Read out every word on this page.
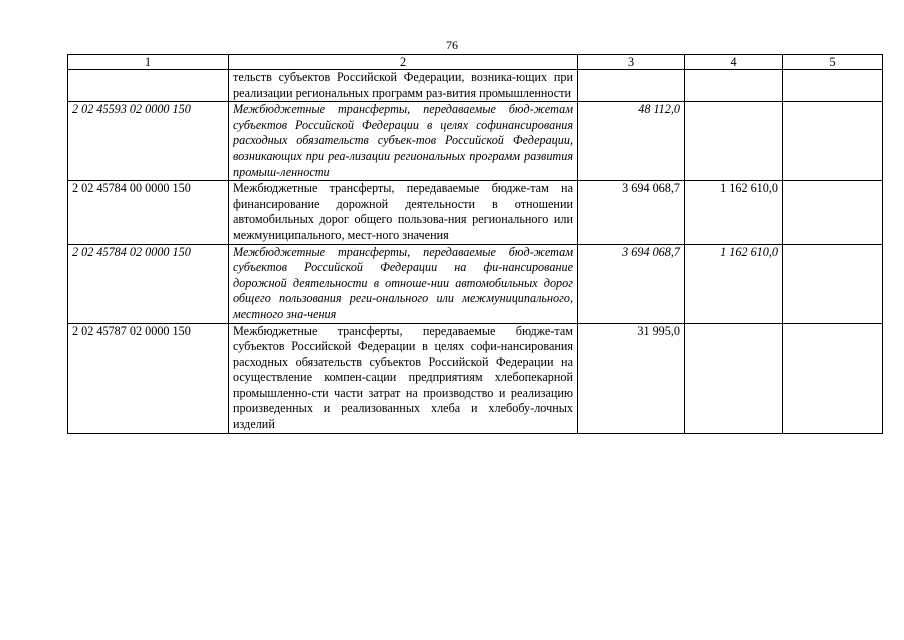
76
1	2	3	4	5
	тельств субъектов Российской Федерации, возника-ющих при реализации региональных программ раз-вития промышленности			
2 02 45593 02 0000 150	Межбюджетные трансферты, передаваемые бюд-жетам субъектов Российской Федерации в целях софинансирования расходных обязательств субъек-тов Российской Федерации, возникающих при реа-лизации региональных программ развития промыш-ленности	48 112,0		
2 02 45784 00 0000 150	Межбюджетные трансферты, передаваемые бюдже-там на финансирование дорожной деятельности в отношении автомобильных дорог общего пользова-ния регионального или межмуниципального, мест-ного значения	3 694 068,7	1 162 610,0	
2 02 45784 02 0000 150	Межбюджетные трансферты, передаваемые бюд-жетам субъектов Российской Федерации на фи-нансирование дорожной деятельности в отноше-нии автомобильных дорог общего пользования реги-онального или межмуниципального, местного зна-чения	3 694 068,7	1 162 610,0	
2 02 45787 02 0000 150	Межбюджетные трансферты, передаваемые бюдже-там субъектов Российской Федерации в целях софи-нансирования расходных обязательств субъектов Российской Федерации на осуществление компен-сации предприятиям хлебопекарной промышленно-сти части затрат на производство и реализацию произведенных и реализованных хлеба и хлебобу-лочных изделий	31 995,0		
